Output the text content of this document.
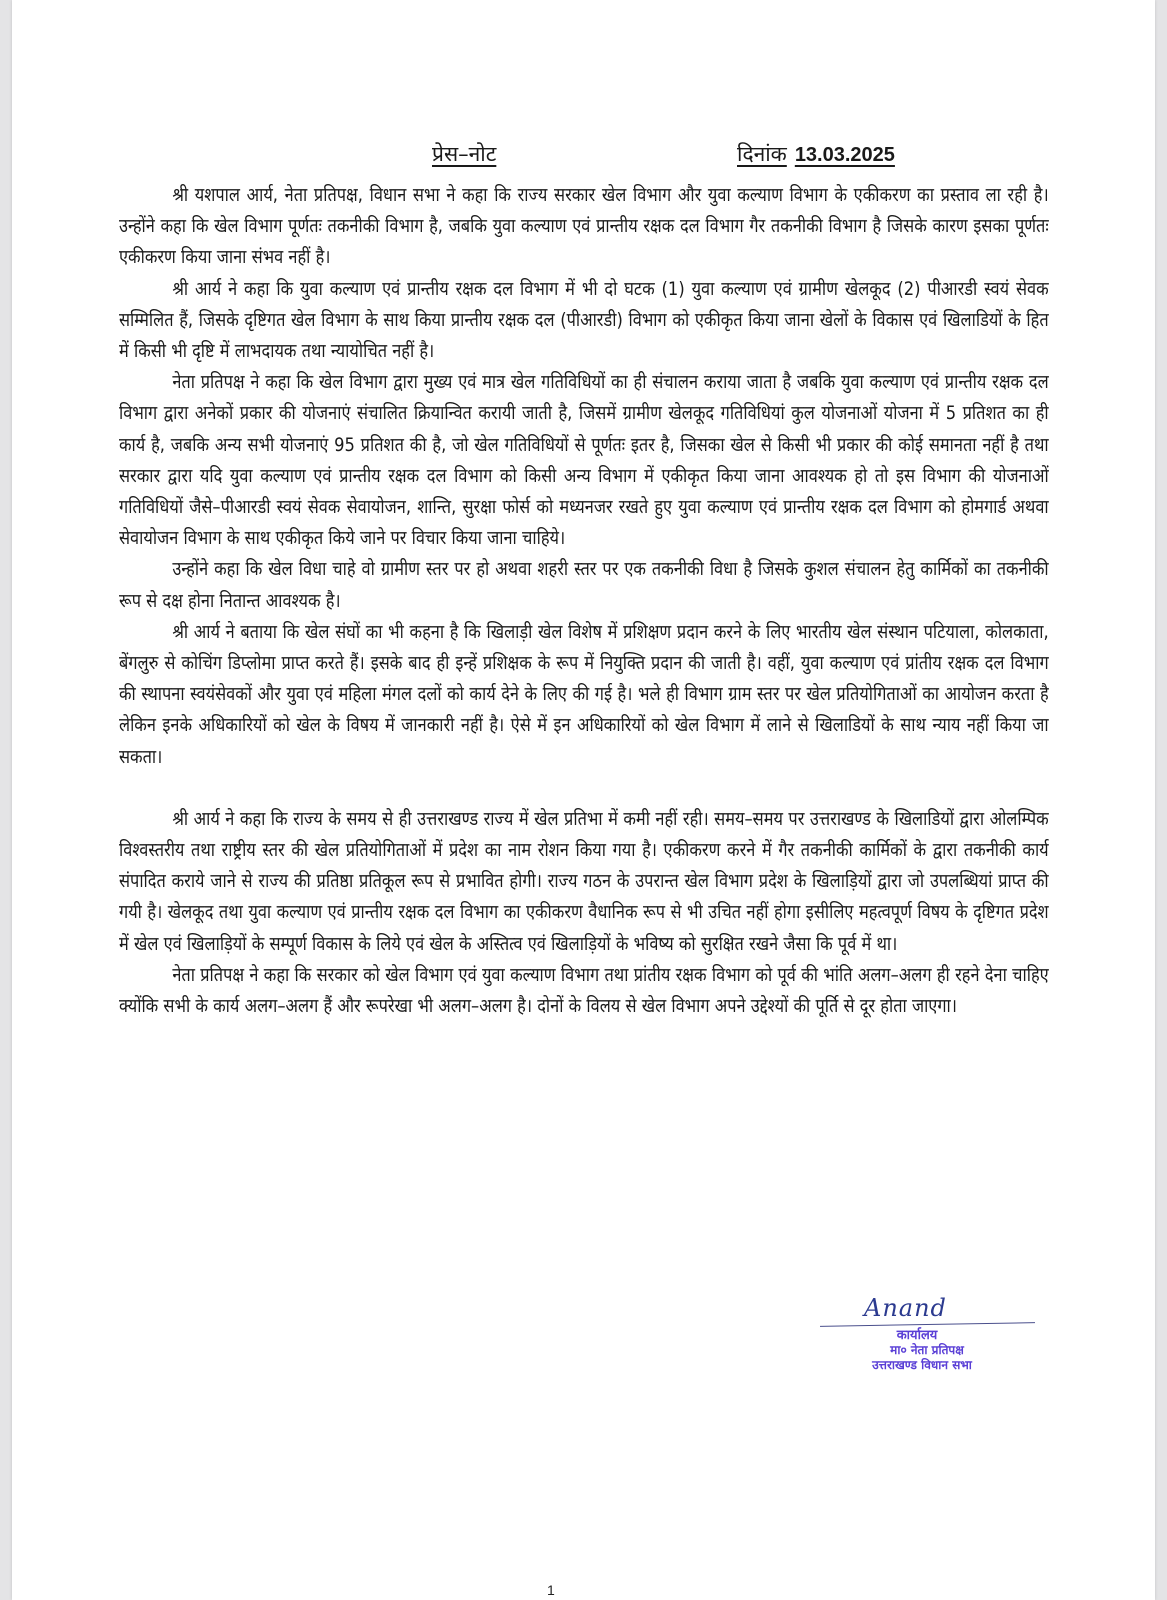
प्रेस–नोट	दिनांक 13.03.2025

श्री यशपाल आर्य, नेता प्रतिपक्ष, विधान सभा ने कहा कि राज्य सरकार खेल विभाग और युवा कल्याण विभाग के एकीकरण का प्रस्ताव ला रही है। उन्होंने कहा कि खेल विभाग पूर्णतः तकनीकी विभाग है, जबकि युवा कल्याण एवं प्रान्तीय रक्षक दल विभाग गैर तकनीकी विभाग है जिसके कारण इसका पूर्णतः एकीकरण किया जाना संभव नहीं है।

श्री आर्य ने कहा कि युवा कल्याण एवं प्रान्तीय रक्षक दल विभाग में भी दो घटक (1) युवा कल्याण एवं ग्रामीण खेलकूद (2) पीआरडी स्वयं सेवक सम्मिलित हैं, जिसके दृष्टिगत खेल विभाग के साथ किया प्रान्तीय रक्षक दल (पीआरडी) विभाग को एकीकृत किया जाना खेलों के विकास एवं खिलाडियों के हित में किसी भी दृष्टि में लाभदायक तथा न्यायोचित नहीं है।

नेता प्रतिपक्ष ने कहा कि खेल विभाग द्वारा मुख्य एवं मात्र खेल गतिविधियों का ही संचालन कराया जाता है जबकि युवा कल्याण एवं प्रान्तीय रक्षक दल विभाग द्वारा अनेकों प्रकार की योजनाएं संचालित क्रियान्वित करायी जाती है, जिसमें ग्रामीण खेलकूद गतिविधियां कुल योजनाओं योजना में 5 प्रतिशत का ही कार्य है, जबकि अन्य सभी योजनाएं 95 प्रतिशत की है, जो खेल गतिविधियों से पूर्णतः इतर है, जिसका खेल से किसी भी प्रकार की कोई समानता नहीं है तथा सरकार द्वारा यदि युवा कल्याण एवं प्रान्तीय रक्षक दल विभाग को किसी अन्य विभाग में एकीकृत किया जाना आवश्यक हो तो इस विभाग की योजनाओं गतिविधियों जैसे–पीआरडी स्वयं सेवक सेवायोजन, शान्ति, सुरक्षा फोर्स को मध्यनजर रखते हुए युवा कल्याण एवं प्रान्तीय रक्षक दल विभाग को होमगार्ड अथवा सेवायोजन विभाग के साथ एकीकृत किये जाने पर विचार किया जाना चाहिये।

उन्होंने कहा कि खेल विधा चाहे वो ग्रामीण स्तर पर हो अथवा शहरी स्तर पर एक तकनीकी विधा है जिसके कुशल संचालन हेतु कार्मिकों का तकनीकी रूप से दक्ष होना नितान्त आवश्यक है।

श्री आर्य ने बताया कि खेल संघों का भी कहना है कि खिलाड़ी खेल विशेष में प्रशिक्षण प्रदान करने के लिए भारतीय खेल संस्थान पटियाला, कोलकाता, बेंगलुरु से कोचिंग डिप्लोमा प्राप्त करते हैं। इसके बाद ही इन्हें प्रशिक्षक के रूप में नियुक्ति प्रदान की जाती है। वहीं, युवा कल्याण एवं प्रांतीय रक्षक दल विभाग की स्थापना स्वयंसेवकों और युवा एवं महिला मंगल दलों को कार्य देने के लिए की गई है। भले ही विभाग ग्राम स्तर पर खेल प्रतियोगिताओं का आयोजन करता है लेकिन इनके अधिकारियों को खेल के विषय में जानकारी नहीं है। ऐसे में इन अधिकारियों को खेल विभाग में लाने से खिलाडियों के साथ न्याय नहीं किया जा सकता।

श्री आर्य ने कहा कि राज्य के समय से ही उत्तराखण्ड राज्य में खेल प्रतिभा में कमी नहीं रही। समय–समय पर उत्तराखण्ड के खिलाडियों द्वारा ओलम्पिक विश्वस्तरीय तथा राष्ट्रीय स्तर की खेल प्रतियोगिताओं में प्रदेश का नाम रोशन किया गया है। एकीकरण करने में गैर तकनीकी कार्मिकों के द्वारा तकनीकी कार्य संपादित कराये जाने से राज्य की प्रतिष्ठा प्रतिकूल रूप से प्रभावित होगी। राज्य गठन के उपरान्त खेल विभाग प्रदेश के खिलाड़ियों द्वारा जो उपलब्धियां प्राप्त की गयी है। खेलकूद तथा युवा कल्याण एवं प्रान्तीय रक्षक दल विभाग का एकीकरण वैधानिक रूप से भी उचित नहीं होगा इसीलिए महत्वपूर्ण विषय के दृष्टिगत प्रदेश में खेल एवं खिलाड़ियों के सम्पूर्ण विकास के लिये एवं खेल के अस्तित्व एवं खिलाड़ियों के भविष्य को सुरक्षित रखने जैसा कि पूर्व में था।

नेता प्रतिपक्ष ने कहा कि सरकार को खेल विभाग एवं युवा कल्याण विभाग तथा प्रांतीय रक्षक विभाग को पूर्व की भांति अलग–अलग ही रहने देना चाहिए क्योंकि सभी के कार्य अलग–अलग हैं और रूपरेखा भी अलग–अलग है। दोनों के विलय से खेल विभाग अपने उद्देश्यों की पूर्ति से दूर होता जाएगा।

Anand
कार्यालय
मा० नेता प्रतिपक्ष
उत्तराखण्ड विधान सभा
1
